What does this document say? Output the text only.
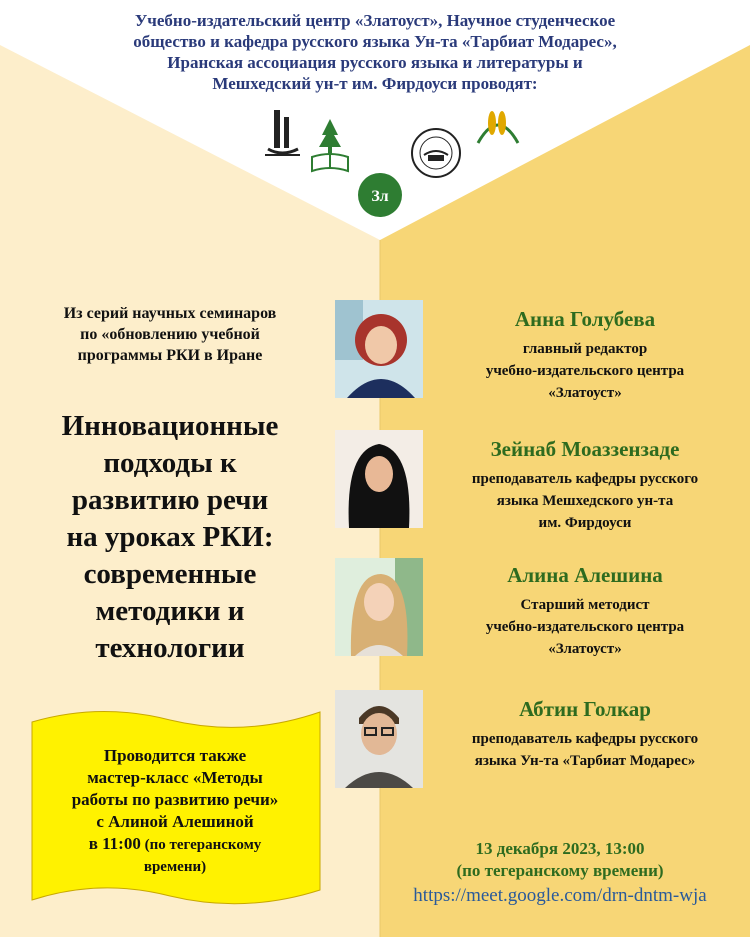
Учебно-издательский центр «Златоуст», Научное студенческое
общество и кафедра русского языка Ун-та «Тарбиат Модарес»,
Иранская ассоциация русского языка и литературы и
Мешхедский ун-т им. Фирдоуси проводят:
Зл
Из серий научных семинаров
по «обновлению учебной
программы РКИ в Иране
Инновационные
подходы к
развитию речи
на уроках РКИ:
современные
методики и
технологии
Проводится также
мастер-класс «Методы
работы по развитию речи»
с Алиной Алешиной
в 11:00 (по тегеранскому
времени)
Анна Голубева
главный редактор
учебно-издательского центра
«Златоуст»
Зейнаб Моаззензаде
преподаватель кафедры русского
языка Мешхедского ун-та
им. Фирдоуси
Алина Алешина
Старший методист
учебно-издательского центра
«Златоуст»
Абтин Голкар
преподаватель кафедры русского
языка Ун-та «Тарбиат Модарес»
13 декабря 2023, 13:00
(по тегеранскому времени)
https://meet.google.com/drn-dntm-wja
